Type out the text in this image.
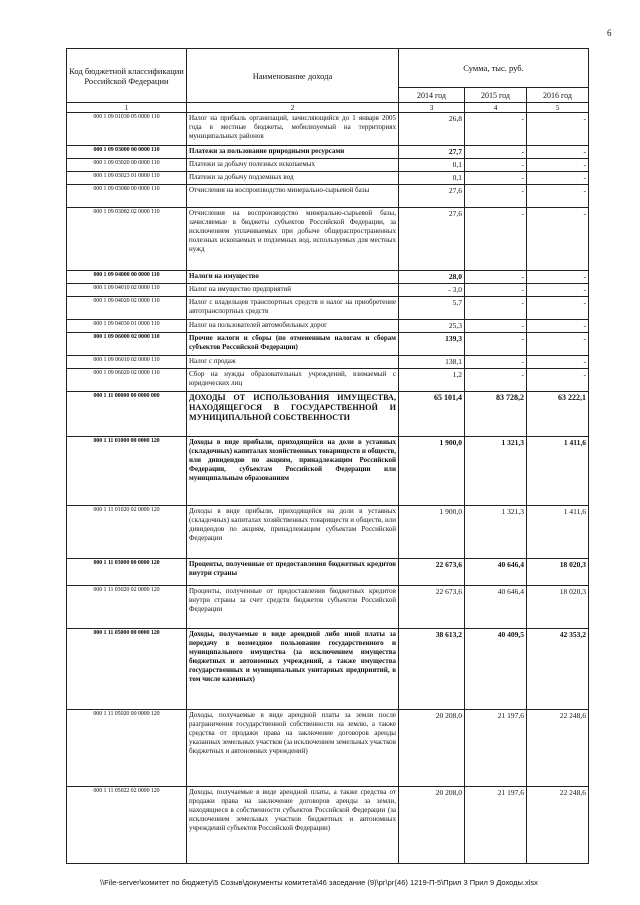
6
Код бюджетной классификации Российской Федерации	Наименование дохода	Сумма, тыс. руб.		
		2014 год	2015 год	2016 год
1	2	3	4	5
000 1 09 01030 05 0000 110	Налог на прибыль организаций, зачисляющийся до 1 января 2005 года в местные бюджеты, мобилизуемый на территориях муниципальных районов	26,8	-	-
000 1 09 03000 00 0000 110	Платежи за пользование природными ресурсами	27,7	-	-
000 1 09 03020 00 0000 110	Платежи за добычу полезных ископаемых	0,1	-	-
000 1 09 03023 01 0000 110	Платежи за добычу подземных вод	0,1	-	-
000 1 09 03080 00 0000 110	Отчисления на воспроизводство минерально-сырьевой базы	27,6	-	-
000 1 09 03082 02 0000 110	Отчисления на воспроизводство минерально-сырьевой базы, зачисляемые в бюджеты субъектов Российской Федерации, за исключением уплачиваемых при добыче общераспространенных полезных ископаемых и подземных вод, используемых для местных нужд	27,6	-	-
000 1 09 04000 00 0000 110	Налоги на имущество	28,0	-	-
000 1 09 04010 02 0000 110	Налог на имущество предприятий	- 3,0	-	-
000 1 09 04020 02 0000 110	Налог с владельцев транспортных средств и налог на приобретение автотранспортных средств	5,7	-	-
000 1 09 04030 01 0000 110	Налог на пользователей автомобильных дорог	25,3	-	-
000 1 09 06000 02 0000 110	Прочие налоги и сборы (по отмененным налогам и сборам субъектов Российской Федерации)	139,3	-	-
000 1 09 06010 02 0000 110	Налог с продаж	138,1	-	-
000 1 09 06020 02 0000 110	Сбор на нужды образовательных учреждений, взимаемый с юридических лиц	1,2	-	-
000 1 11 00000 00 0000 000	ДОХОДЫ ОТ ИСПОЛЬЗОВАНИЯ ИМУЩЕСТВА, НАХОДЯЩЕГОСЯ В ГОСУДАРСТВЕННОЙ И МУНИЦИПАЛЬНОЙ СОБСТВЕННОСТИ	65 101,4	83 728,2	63 222,1
000 1 11 01000 00 0000 120	Доходы в виде прибыли, приходящейся на доли в уставных (складочных) капиталах хозяйственных товариществ и обществ, или дивидендов по акциям, принадлежащим Российской Федерации, субъектам Российской Федерации или муниципальным образованиям	1 900,0	1 321,3	1 411,6
000 1 11 01020 02 0000 120	Доходы в виде прибыли, приходящейся на доли в уставных (складочных) капиталах хозяйственных товариществ и обществ, или дивидендов по акциям, принадлежащим субъектам Российской Федерации	1 900,0	1 321,3	1 411,6
000 1 11 03000 00 0000 120	Проценты, полученные от предоставления бюджетных кредитов внутри страны	22 673,6	40 646,4	18 020,3
000 1 11 03020 02 0000 120	Проценты, полученные от предоставления бюджетных кредитов внутри страны за счет средств бюджетов субъектов Российской Федерации	22 673,6	40 646,4	18 020,3
000 1 11 05000 00 0000 120	Доходы, получаемые в виде арендной либо иной платы за передачу в возмездное пользование государственного и муниципального имущества (за исключением имущества бюджетных и автономных учреждений, а также имущества государственных и муниципальных унитарных предприятий, в том числе казенных)	38 613,2	40 409,5	42 353,2
000 1 11 05020 00 0000 120	Доходы, получаемые в виде арендной платы за земли после разграничения государственной собственности на землю, а также средства от продажи права на заключение договоров аренды указанных земельных участков (за исключением земельных участков бюджетных и автономных учреждений)	20 208,0	21 197,6	22 248,6
000 1 11 05022 02 0000 120	Доходы, получаемые в виде арендной платы, а также средства от продажи права на заключение договоров аренды за земли, находящиеся в собственности субъектов Российской Федерации (за исключением земельных участков бюджетных и автономных учреждений субъектов Российской Федерации)	20 208,0	21 197,6	22 248,6
\\File-server\комитет по бюджету\5 Созыв\документы комитета\46 заседание (9)\рг\рг(46) 1219-П-5\Прил 3 Прил 9 Доходы.xlsx
